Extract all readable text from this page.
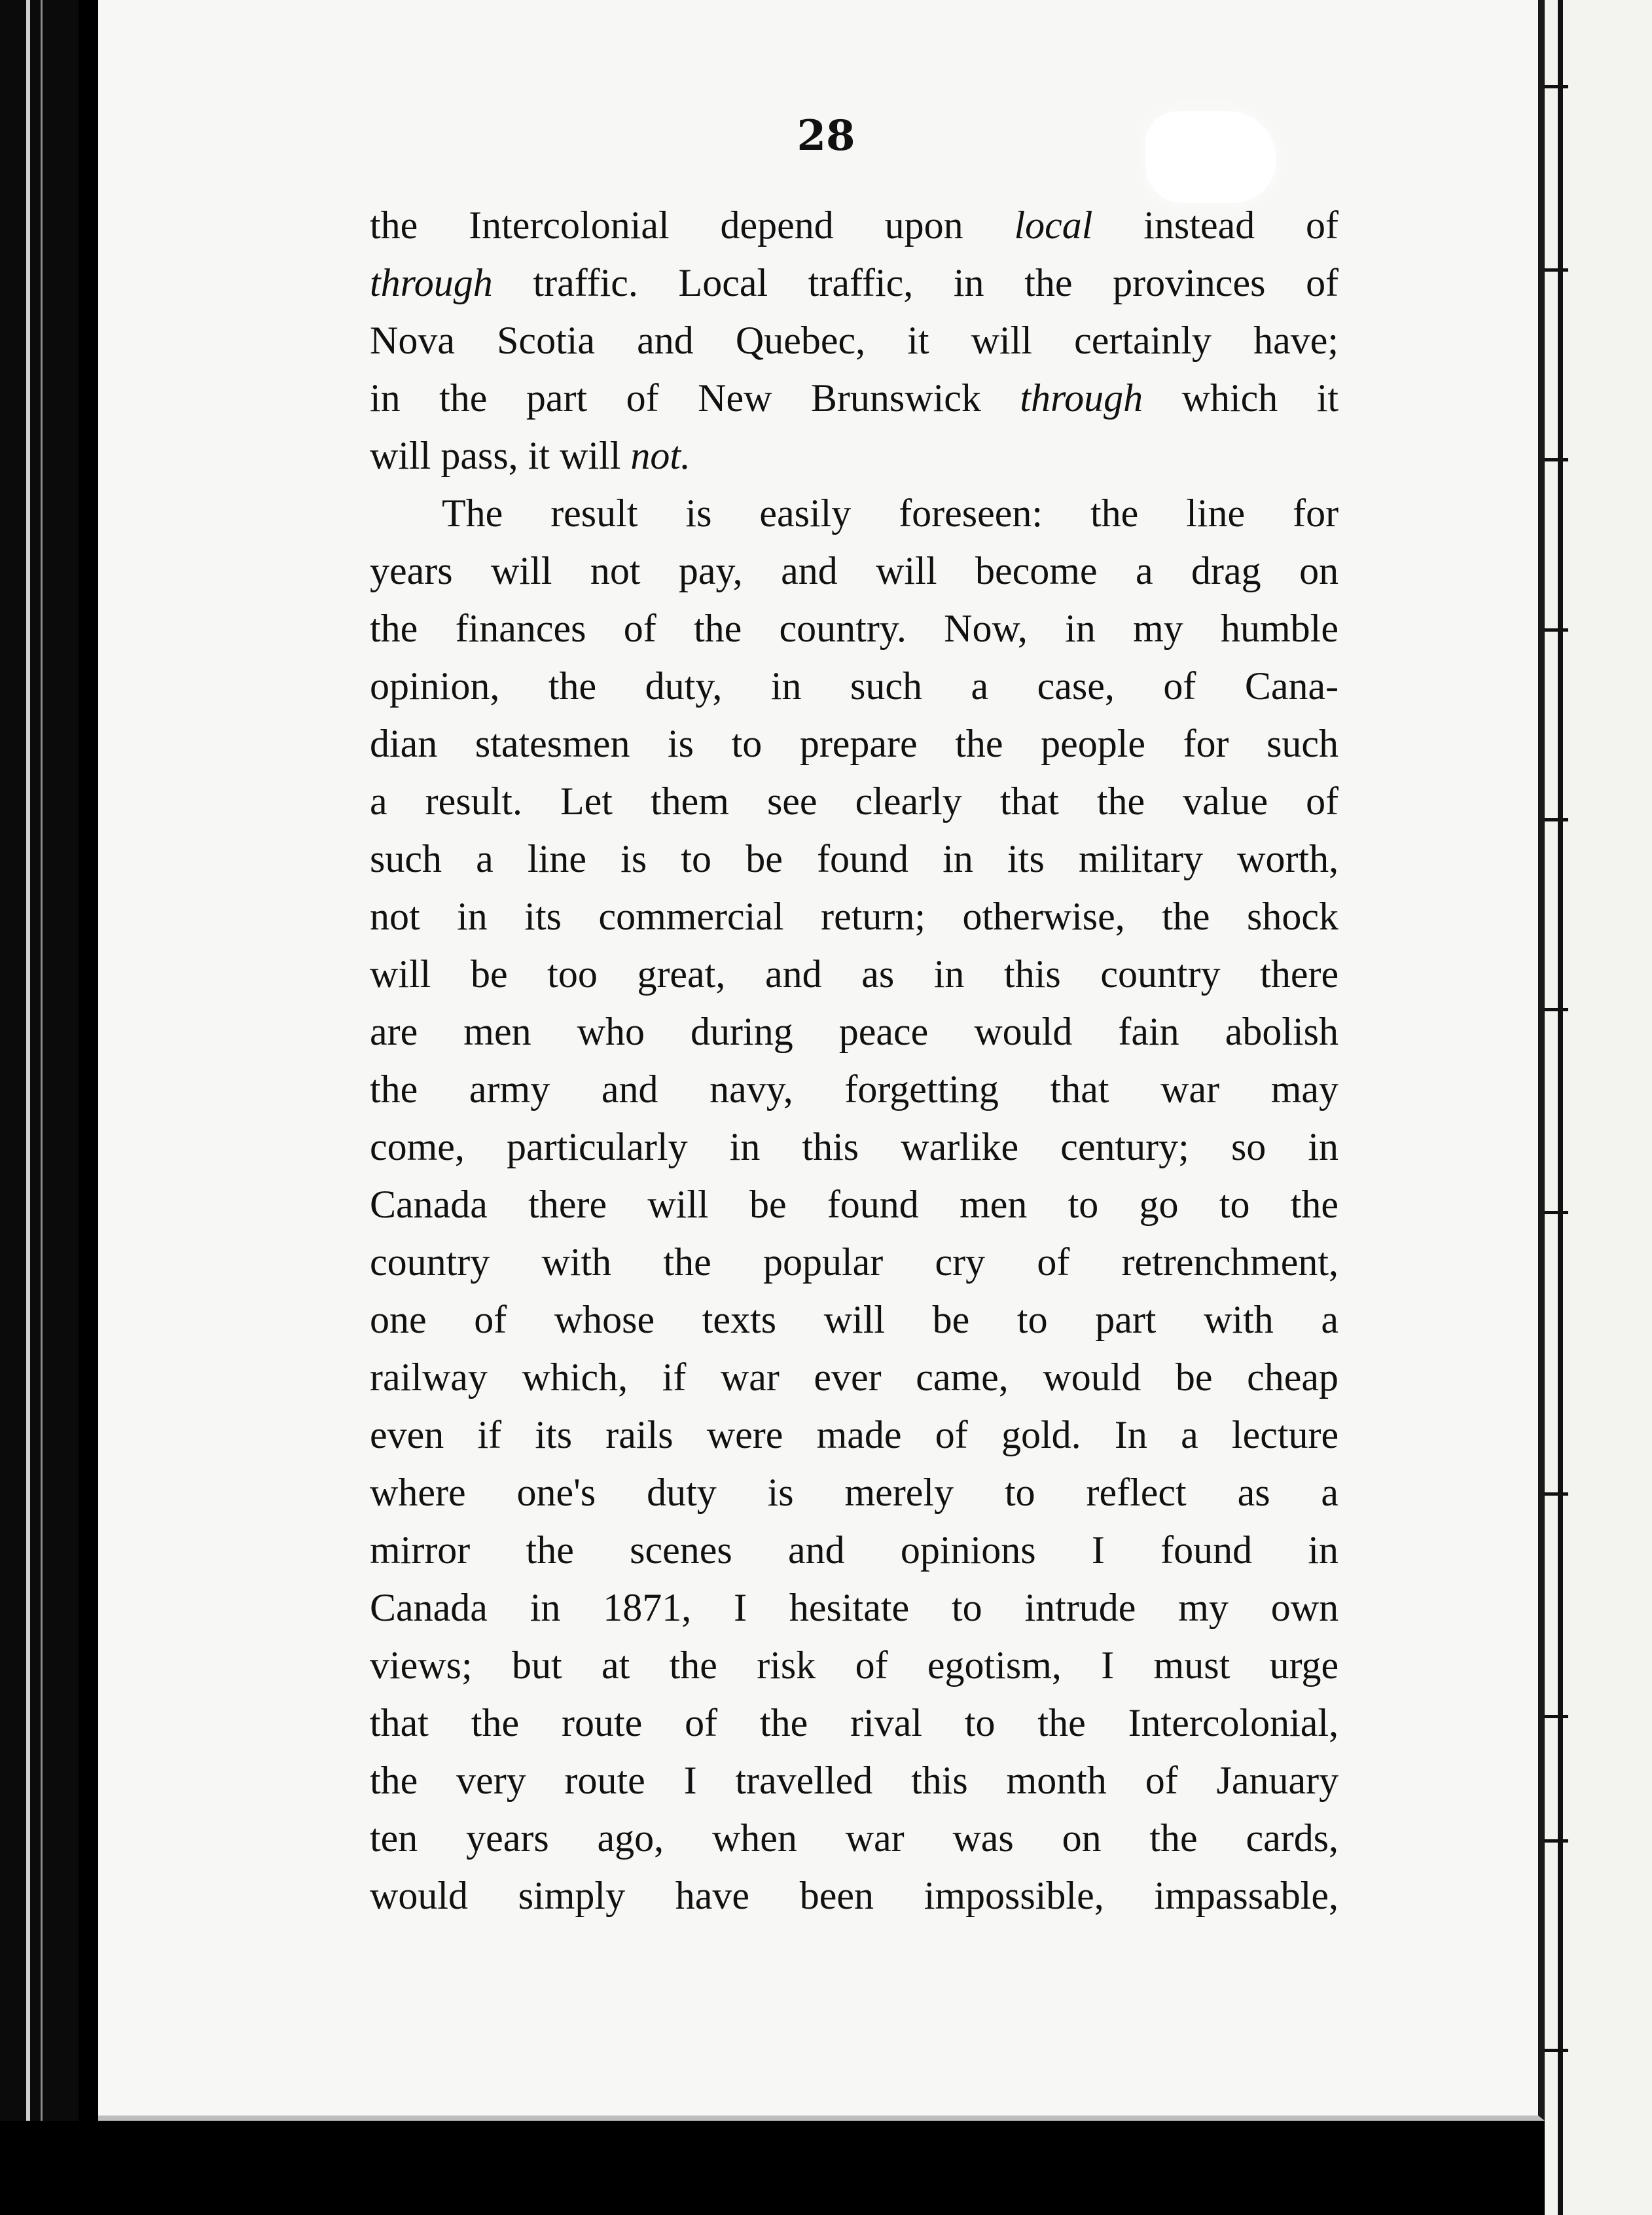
28
the Intercolonial depend upon local instead of
through traffic. Local traffic, in the provinces of
Nova Scotia and Quebec, it will certainly have;
in the part of New Brunswick through which it
will pass, it will not.
The result is easily foreseen: the line for
years will not pay, and will become a drag on
the finances of the country. Now, in my humble
opinion, the duty, in such a case, of Cana-
dian statesmen is to prepare the people for such
a result. Let them see clearly that the value of
such a line is to be found in its military worth,
not in its commercial return; otherwise, the shock
will be too great, and as in this country there
are men who during peace would fain abolish
the army and navy, forgetting that war may
come, particularly in this warlike century; so in
Canada there will be found men to go to the
country with the popular cry of retrenchment,
one of whose texts will be to part with a
railway which, if war ever came, would be cheap
even if its rails were made of gold. In a lecture
where one's duty is merely to reflect as a
mirror the scenes and opinions I found in
Canada in 1871, I hesitate to intrude my own
views; but at the risk of egotism, I must urge
that the route of the rival to the Intercolonial,
the very route I travelled this month of January
ten years ago, when war was on the cards,
would simply have been impossible, impassable,
